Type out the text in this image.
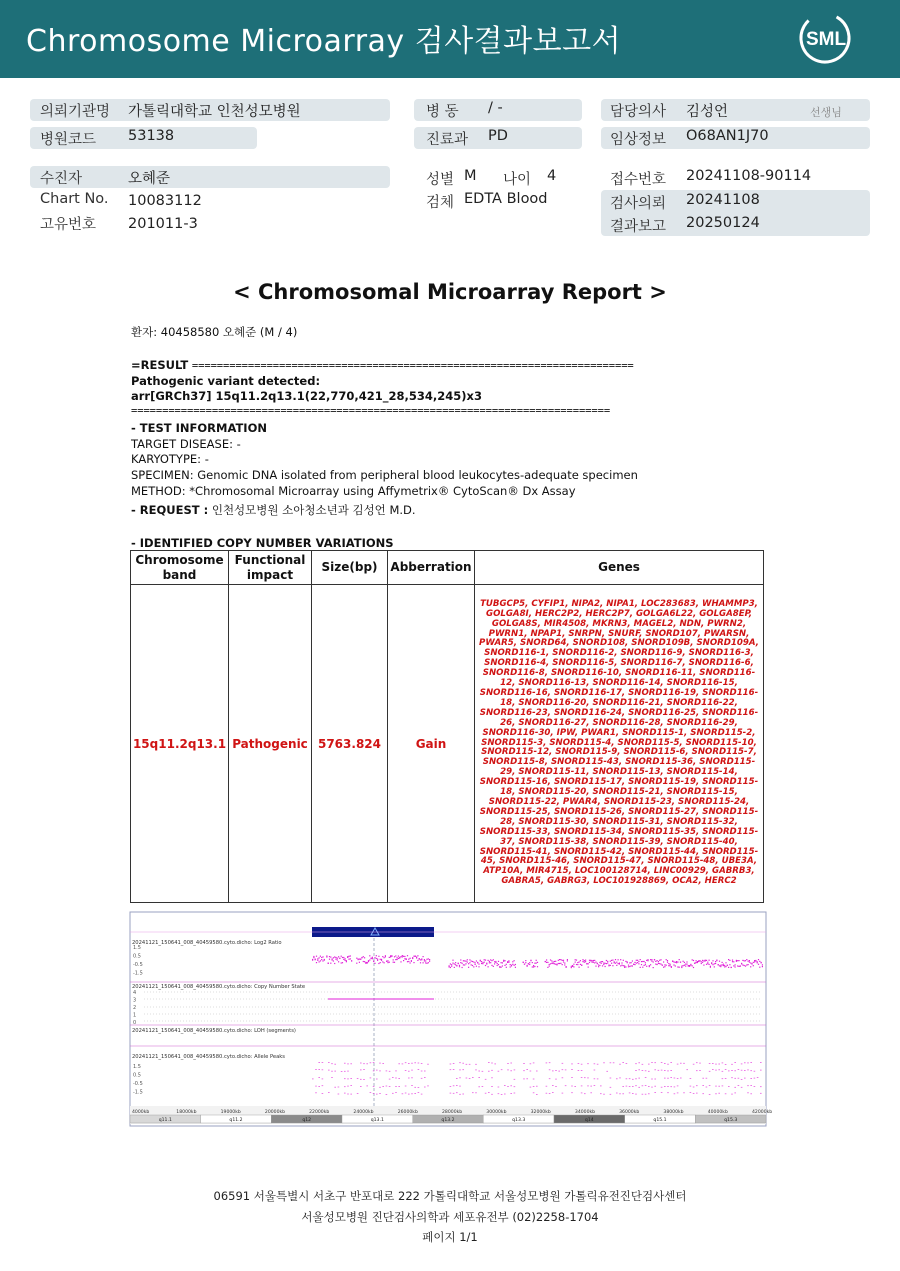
Chromosome Microarray 검사결과보고서	SML
의뢰기관명 가톨릭대학교 인천성모병원
병원코드 53138
수진자	오혜준
Chart No. 10083112
고유번호 201011-3
병 동 / -
진료과 PD
성별 M 나이 4
검체 EDTA Blood
담당의사 김성언	선생님
임상정보 O68AN1J70
접수번호 20241108-90114
검사의뢰 20241108
결과보고 20250124
< Chromosomal Microarray Report >
환자: 40458580 오혜준 (M / 4)
=RESULT =======================================================================
Pathogenic variant detected:
arr[GRCh37] 15q11.2q13.1(22,770,421_28,534,245)x3
=============================================================================
- TEST INFORMATION
TARGET DISEASE: -
KARYOTYPE: -
SPECIMEN: Genomic DNA isolated from peripheral blood leukocytes-adequate specimen
METHOD: *Chromosomal Microarray using Affymetrix® CytoScan® Dx Assay
- REQUEST : 인천성모병원 소아청소년과 김성언 M.D.
- IDENTIFIED COPY NUMBER VARIATIONS
Chromosome band	Functional impact	Size(bp)	Abberration	Genes
15q11.2q13.1	Pathogenic	5763.824	Gain	TUBGCP5, CYFIP1, NIPA2, NIPA1, LOC283683, WHAMMP3, GOLGA8I, HERC2P2, HERC2P7, GOLGA6L22, GOLGA8EP, GOLGA8S, MIR4508, MKRN3, MAGEL2, NDN, PWRN2, PWRN1, NPAP1, SNRPN, SNURF, SNORD107, PWARSN, PWAR5, SNORD64, SNORD108, SNORD109B, SNORD109A, SNORD116-1, SNORD116-2, SNORD116-9, SNORD116-3, SNORD116-4, SNORD116-5, SNORD116-7, SNORD116-6, SNORD116-8, SNORD116-10, SNORD116-11, SNORD116-12, SNORD116-13, SNORD116-14, SNORD116-15, SNORD116-16, SNORD116-17, SNORD116-19, SNORD116-18, SNORD116-20, SNORD116-21, SNORD116-22, SNORD116-23, SNORD116-24, SNORD116-25, SNORD116-26, SNORD116-27, SNORD116-28, SNORD116-29, SNORD116-30, IPW, PWAR1, SNORD115-1, SNORD115-2, SNORD115-3, SNORD115-4, SNORD115-5, SNORD115-10, SNORD115-12, SNORD115-9, SNORD115-6, SNORD115-7, SNORD115-8, SNORD115-43, SNORD115-36, SNORD115-29, SNORD115-11, SNORD115-13, SNORD115-14, SNORD115-16, SNORD115-17, SNORD115-19, SNORD115-18, SNORD115-20, SNORD115-21, SNORD115-15, SNORD115-22, PWAR4, SNORD115-23, SNORD115-24, SNORD115-25, SNORD115-26, SNORD115-27, SNORD115-28, SNORD115-30, SNORD115-31, SNORD115-32, SNORD115-33, SNORD115-34, SNORD115-35, SNORD115-37, SNORD115-38, SNORD115-39, SNORD115-40, SNORD115-41, SNORD115-42, SNORD115-44, SNORD115-45, SNORD115-46, SNORD115-47, SNORD115-48, UBE3A, ATP10A, MIR4715, LOC100128714, LINC00929, GABRB3, GABRA5, GABRG3, LOC101928869, OCA2, HERC2
20241121_150641_008_40459580.cyto.dicho: Log2 Ratio
20241121_150641_008_40459580.cyto.dicho: Copy Number State
20241121_150641_008_40459580.cyto.dicho: LOH (segments)
20241121_150641_008_40459580.cyto.dicho: Allele Peaks
1.5
0.5
-0.5
-1.5
4
3
2
1
0
1.5
0.5
-0.5
-1.5
4000kb	18000kb	19000kb	20000kb	22000kb	24000kb	26000kb	28000kb	30000kb	32000kb	34000kb	36000kb	38000kb	40000kb	42000kb
q11.1	q11.2	q12	q13.1	q13.2	q13.3	q14	q15.1	q15.3
06591 서울특별시 서초구 반포대로 222 가톨릭대학교 서울성모병원 가톨릭유전진단검사센터
서울성모병원 진단검사의학과 세포유전부 (02)2258-1704
페이지 1/1
